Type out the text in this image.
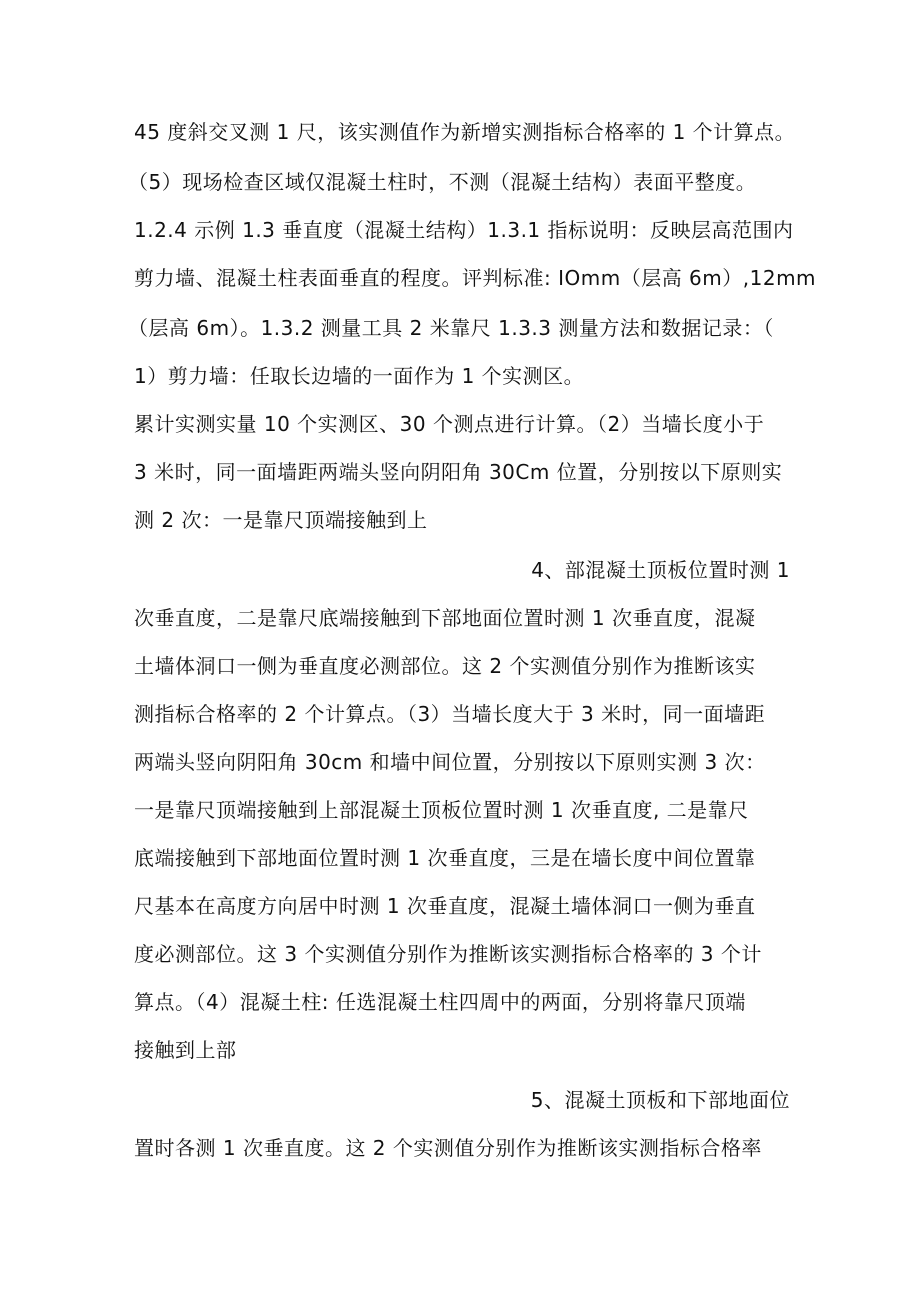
45 度斜交叉测 1 尺，该实测值作为新增实测指标合格率的 1 个计算点。
（5）现场检查区域仅混凝土柱时，不测（混凝土结构）表面平整度。
1.2.4 示例 1.3 垂直度（混凝土结构）1.3.1 指标说明：反映层高范围内
剪力墙、混凝土柱表面垂直的程度。评判标准: IOmm（层高 6m）,12mm
（层高 6m）。1.3.2 测量工具 2 米靠尺 1.3.3 测量方法和数据记录：（
1）剪力墙：任取长边墙的一面作为 1 个实测区。
累计实测实量 10 个实测区、30 个测点进行计算。（2）当墙长度小于
3 米时，同一面墙距两端头竖向阴阳角 30Cm 位置，分别按以下原则实
测 2 次：一是靠尺顶端接触到上
4、部混凝土顶板位置时测 1
次垂直度，二是靠尺底端接触到下部地面位置时测 1 次垂直度，混凝
土墙体洞口一侧为垂直度必测部位。这 2 个实测值分别作为推断该实
测指标合格率的 2 个计算点。（3）当墙长度大于 3 米时，同一面墙距
两端头竖向阴阳角 30cm 和墙中间位置，分别按以下原则实测 3 次：
一是靠尺顶端接触到上部混凝土顶板位置时测 1 次垂直度, 二是靠尺
底端接触到下部地面位置时测 1 次垂直度，三是在墙长度中间位置靠
尺基本在高度方向居中时测 1 次垂直度，混凝土墙体洞口一侧为垂直
度必测部位。这 3 个实测值分别作为推断该实测指标合格率的 3 个计
算点。（4）混凝土柱: 任选混凝土柱四周中的两面，分别将靠尺顶端
接触到上部
5、混凝土顶板和下部地面位
置时各测 1 次垂直度。这 2 个实测值分别作为推断该实测指标合格率
